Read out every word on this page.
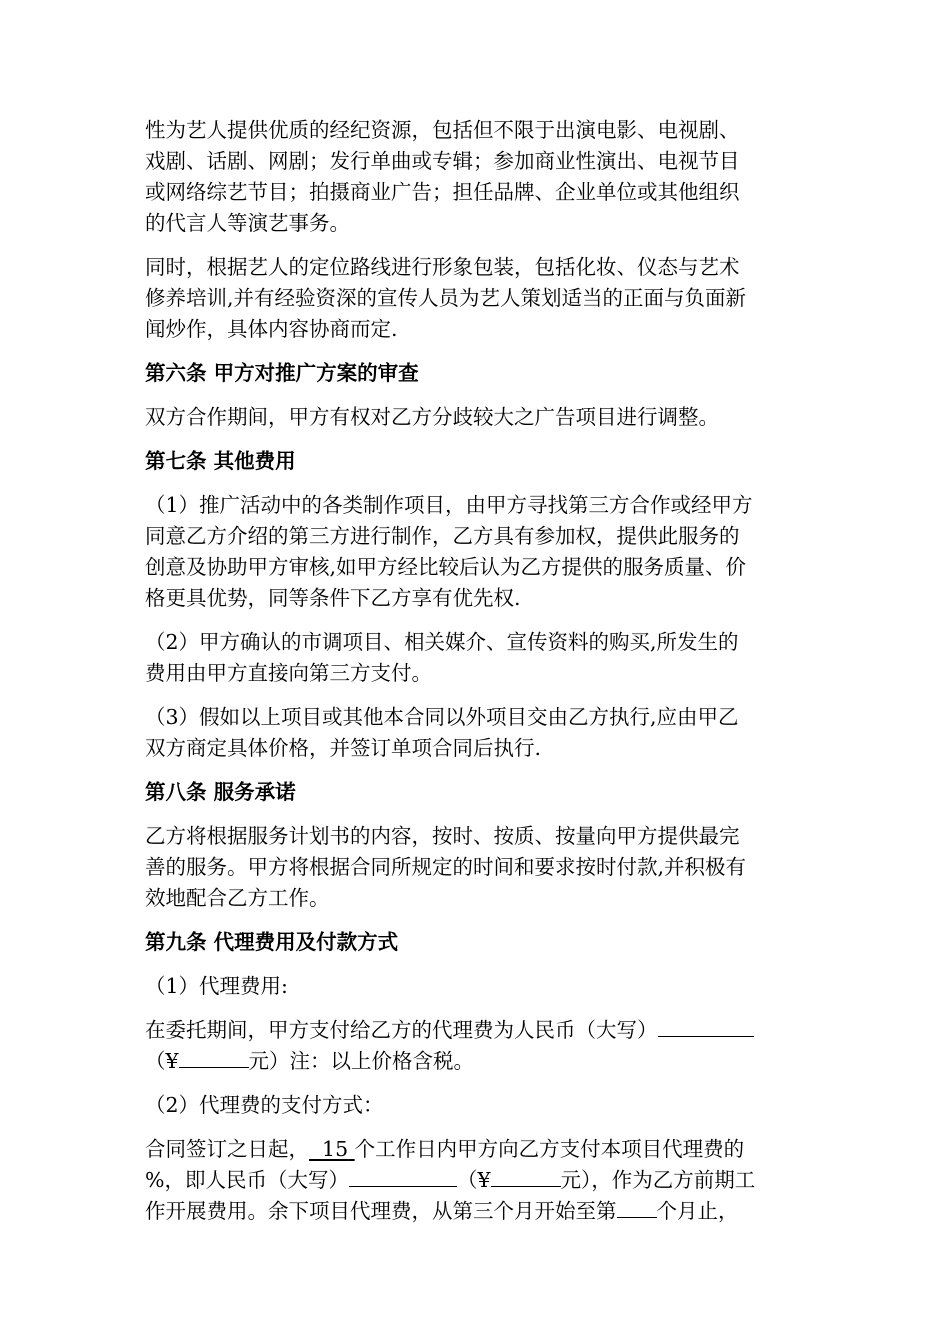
性为艺人提供优质的经纪资源，包括但不限于出演电影、电视剧、
戏剧、话剧、网剧；发行单曲或专辑；参加商业性演出、电视节目
或网络综艺节目；拍摄商业广告；担任品牌、企业单位或其他组织
的代言人等演艺事务。
同时，根据艺人的定位路线进行形象包装，包括化妆、仪态与艺术
修养培训,并有经验资深的宣传人员为艺人策划适当的正面与负面新
闻炒作，具体内容协商而定.
第六条 甲方对推广方案的审查
双方合作期间，甲方有权对乙方分歧较大之广告项目进行调整。
第七条 其他费用
（1）推广活动中的各类制作项目，由甲方寻找第三方合作或经甲方
同意乙方介绍的第三方进行制作，乙方具有参加权，提供此服务的
创意及协助甲方审核,如甲方经比较后认为乙方提供的服务质量、价
格更具优势，同等条件下乙方享有优先权.
（2）甲方确认的市调项目、相关媒介、宣传资料的购买,所发生的
费用由甲方直接向第三方支付。
（3）假如以上项目或其他本合同以外项目交由乙方执行,应由甲乙
双方商定具体价格，并签订单项合同后执行.
第八条 服务承诺
乙方将根据服务计划书的内容，按时、按质、按量向甲方提供最完
善的服务。甲方将根据合同所规定的时间和要求按时付款,并积极有
效地配合乙方工作。
第九条 代理费用及付款方式
（1）代理费用:
在委托期间，甲方支付给乙方的代理费为人民币（大写）
（¥	元）注：以上价格含税。
（2）代理费的支付方式：
合同签订之日起， 15 个工作日内甲方向乙方支付本项目代理费的
%，即人民币（大写）	（¥	元），作为乙方前期工
作开展费用。余下项目代理费，从第三个月开始至第 个月止，
